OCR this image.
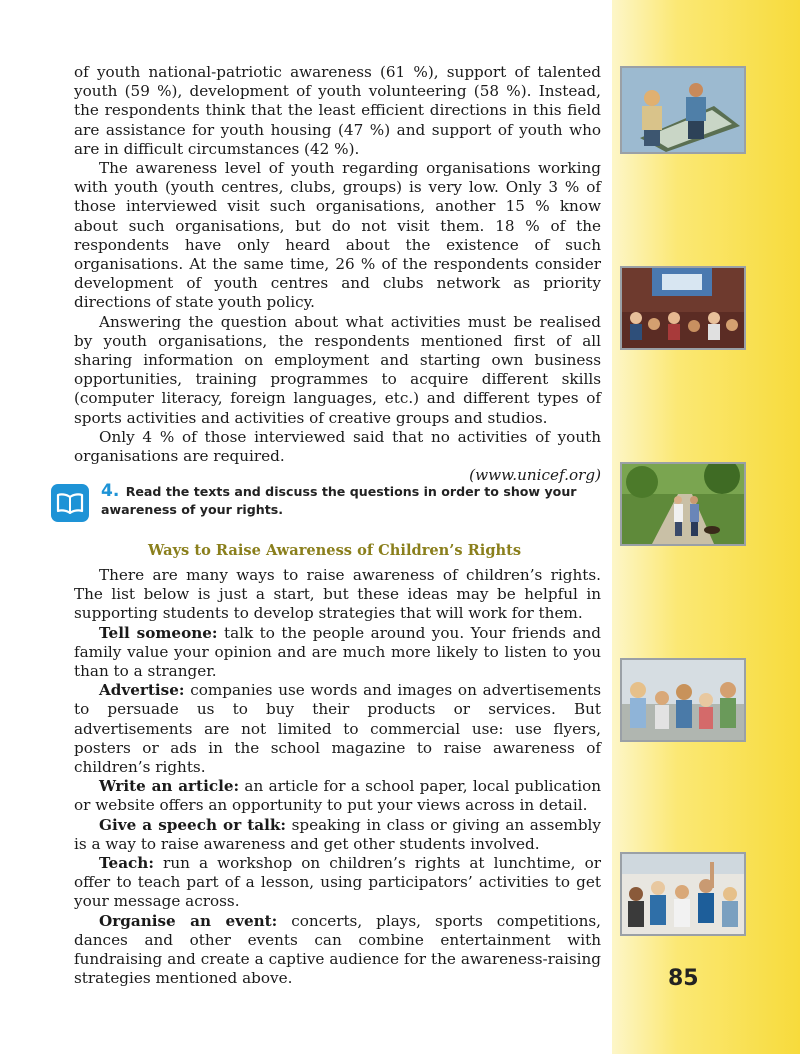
85

of youth national-patriotic awareness (61 %), support of talented youth (59 %), development of youth volunteering (58 %). Instead, the respondents think that the least efficient directions in this field are assistance for youth housing (47 %) and support of youth who are in difficult circumstances (42 %).

The awareness level of youth regarding organisations working with youth (youth centres, clubs, groups) is very low. Only 3 % of those interviewed visit such organisations, another 15 % know about such organisations, but do not visit them. 18 % of the respondents have only heard about the existence of such organisations. At the same time, 26 % of the respondents consider development of youth centres and clubs network as priority directions of state youth policy.

Answering the question about what activities must be realised by youth organisations, the respondents mentioned first of all sharing information on employment and starting own business opportunities, training programmes to acquire different skills (computer literacy, foreign languages, etc.) and different types of sports activities and activities of creative groups and studios.

Only 4 % of those interviewed said that no activities of youth organisations are required.

(www.unicef.org)

4. Read the texts and discuss the questions in order to show your awareness of your rights.
Ways to Raise Awareness of Children’s Rights

There are many ways to raise awareness of children’s rights. The list below is just a start, but these ideas may be helpful in supporting students to develop strategies that will work for them.

Tell someone: talk to the people around you. Your friends and family value your opinion and are much more likely to listen to you than to a stranger.

Advertise: companies use words and images on advertisements to persuade us to buy their products or services. But advertisements are not limited to commercial use: use flyers, posters or ads in the school magazine to raise awareness of children’s rights.

Write an article: an article for a school paper, local publication or website offers an opportunity to put your views across in detail.

Give a speech or talk: speaking in class or giving an assembly is a way to raise awareness and get other students involved.

Teach: run a workshop on children’s rights at lunchtime, or offer to teach part of a lesson, using participators’ activities to get your message across.

Organise an event: concerts, plays, sports competitions, dances and other events can combine entertainment with fundraising and create a captive audience for the awareness-raising strategies mentioned above.
